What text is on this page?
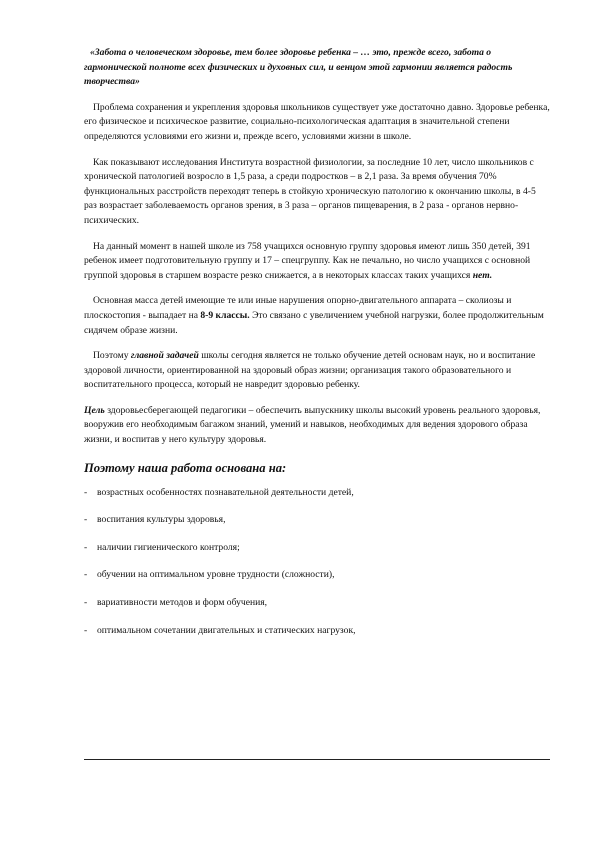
«Забота о человеческом здоровье, тем более здоровье ребенка – … это, прежде всего, забота о гармонической полноте всех физических и духовных сил, и венцом этой гармонии является радость творчества»

Проблема сохранения и укрепления здоровья школьников существует уже достаточно давно. Здоровье ребенка, его физическое и психическое развитие, социально-психологическая адаптация в значительной степени определяются условиями его жизни и, прежде всего, условиями жизни в школе.

Как показывают исследования Института возрастной физиологии, за последние 10 лет, число школьников с хронической патологией возросло в 1,5 раза, а среди подростков – в 2,1 раза. За время обучения 70% функциональных расстройств переходят теперь в стойкую хроническую патологию к окончанию школы, в 4-5 раз возрастает заболеваемость органов зрения, в 3 раза – органов пищеварения, в 2 раза - органов нервно-психических.

На данный момент в нашей школе из 758 учащихся основную группу здоровья имеют лишь 350 детей, 391 ребенок имеет подготовительную группу и 17 – спецгруппу. Как не печально, но число учащихся с основной группой здоровья в старшем возрасте резко снижается, а в некоторых классах таких учащихся нет.

Основная масса детей имеющие те или иные нарушения опорно-двигательного аппарата – сколиозы и плоскостопия - выпадает на 8-9 классы. Это связано с увеличением учебной нагрузки, более продолжительным сидячем образе жизни.

Поэтому главной задачей школы сегодня является не только обучение детей основам наук, но и воспитание здоровой личности, ориентированной на здоровый образ жизни; организация такого образовательного и воспитательного процесса, который не навредит здоровью ребенку.

Цель здоровьесберегающей педагогики – обеспечить выпускнику школы высокий уровень реального здоровья, вооружив его необходимым багажом знаний, умений и навыков, необходимых для ведения здорового образа жизни, и воспитав у него культуру здоровья.

Поэтому наша работа основана на:

- возрастных особенностях познавательной деятельности детей,
- воспитания культуры здоровья,
- наличии гигиенического контроля;
- обучении на оптимальном уровне трудности (сложности),
- вариативности методов и форм обучения,
- оптимальном сочетании двигательных и статических нагрузок,
